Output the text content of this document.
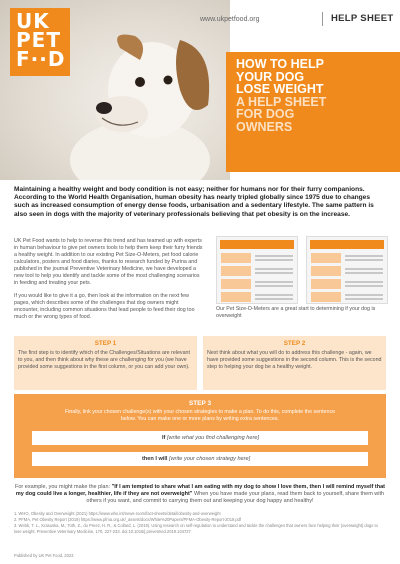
UK
PET
F∙∙D
www.ukpetfood.org	HELP SHEET
HOW TO HELP
YOUR DOG
LOSE WEIGHT
A HELP SHEET
FOR DOG
OWNERS

Maintaining a healthy weight and body condition is not easy; neither for humans nor for their furry companions. According to the World Health Organisation, human obesity has nearly tripled globally since 1975 due to changes such as increased consumption of energy dense foods, urbanisation and a sedentary lifestyle. The same pattern is also seen in dogs with the majority of veterinary professionals believing that pet obesity is on the increase.

UK Pet Food wants to help to reverse this trend and has teamed up with experts in human behaviour to give pet owners tools to help them keep their furry friends a healthy weight. In addition to our existing Pet Size-O-Meters, pet food calorie calculators, posters and food diaries, thanks to research funded by Purina and published in the journal Preventive Veterinary Medicine, we have developed a new tool to help you identify and tackle some of the most challenging scenarios in feeding and treating your pets.

If you would like to give it a go, then look at the information on the next few pages, which describes some of the challenges that dog owners might encounter, including common situations that lead people to feed their dog too much or the wrong types of food.

Our Pet Size-O-Meters are a great start to determining if your dog is overweight

STEP 1

The first step is to identify which of the Challenges/Situations are relevant to you, and then think about why these are challenging for you (we have provided some suggestions in the first column, or you can add your own).

STEP 2

Next think about what you will do to address this challenge - again, we have provided some suggestions in the second column. This is the second step to helping your dog be a healthy weight.

STEP 3

Finally, link your chosen challenge(s) with your chosen strategies to make a plan. To do this, complete the sentence below. You can make one or more plans by writing extra sentences.

If [write what you find challenging here]
then I will [write your chosen strategy here]

For example, you might make the plan: "If I am tempted to share what I am eating with my dog to show I love them, then I will remind myself that my dog could live a longer, healthier, life if they are not overweight" When you have made your plans, read them back to yourself, share them with others if you want, and commit to carrying them out and keeping your dog happy and healthy!

1. WHO, Obesity and Overweight (2021) https://www.who.int/news-room/fact-sheets/detail/obesity-and-overweight
2. PFMA, Pet Obesity Report (2019) https://www.pfma.org.uk/_assets/docs/White%20Papers/PFMA-Obesity-Report-2019.pdf
3. Webb, T. L., Krasuska, M., Toth, Z., du Preez, H. R., & Collard, L. (2019). Using research on self-regulation to understand and tackle the challenges that owners face helping their (overweight) dogs to lose weight. Preventive Veterinary Medicine, 170, 227-233. doi:10.1016/j.prevetmed.2019.104727
Published by UK Pet Food, 2023
